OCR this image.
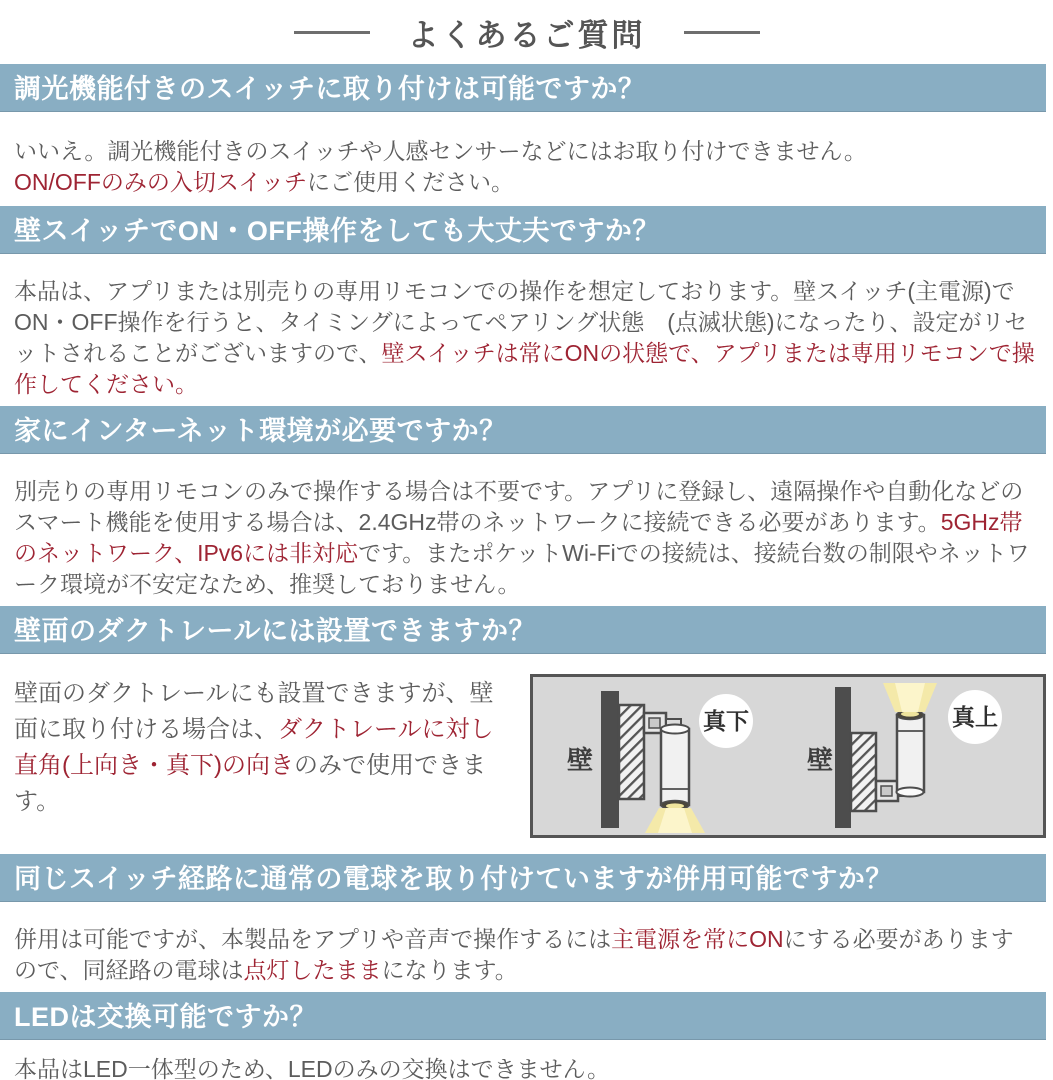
よくあるご質問
調光機能付きのスイッチに取り付けは可能ですか？
いいえ。調光機能付きのスイッチや人感センサーなどにはお取り付けできません。
ON/OFFのみの入切スイッチにご使用ください。
壁スイッチでON・OFF操作をしても大丈夫ですか？
本品は、アプリまたは別売りの専用リモコンでの操作を想定しております。壁スイッチ(主電源)でON・OFF操作を行うと、タイミングによってペアリング状態　(点滅状態)になったり、設定がリセットされることがございますので、壁スイッチは常にONの状態で、アプリまたは専用リモコンで操作してください。
家にインターネット環境が必要ですか？
別売りの専用リモコンのみで操作する場合は不要です。アプリに登録し、遠隔操作や自動化などのスマート機能を使用する場合は、2.4GHz帯のネットワークに接続できる必要があります。5GHz帯のネットワーク、IPv6には非対応です。またポケットWi-Fiでの接続は、接続台数の制限やネットワーク環境が不安定なため、推奨しておりません。
壁面のダクトレールには設置できますか？
壁面のダクトレールにも設置できますが、壁面に取り付ける場合は、ダクトレールに対し直角(上向き・真下)の向きのみで使用できます。
壁
真下
壁
真上
同じスイッチ経路に通常の電球を取り付けていますが併用可能ですか？
併用は可能ですが、本製品をアプリや音声で操作するには主電源を常にONにする必要がありますので、同経路の電球は点灯したままになります。
LEDは交換可能ですか？
本品はLED一体型のため、LEDのみの交換はできません。
